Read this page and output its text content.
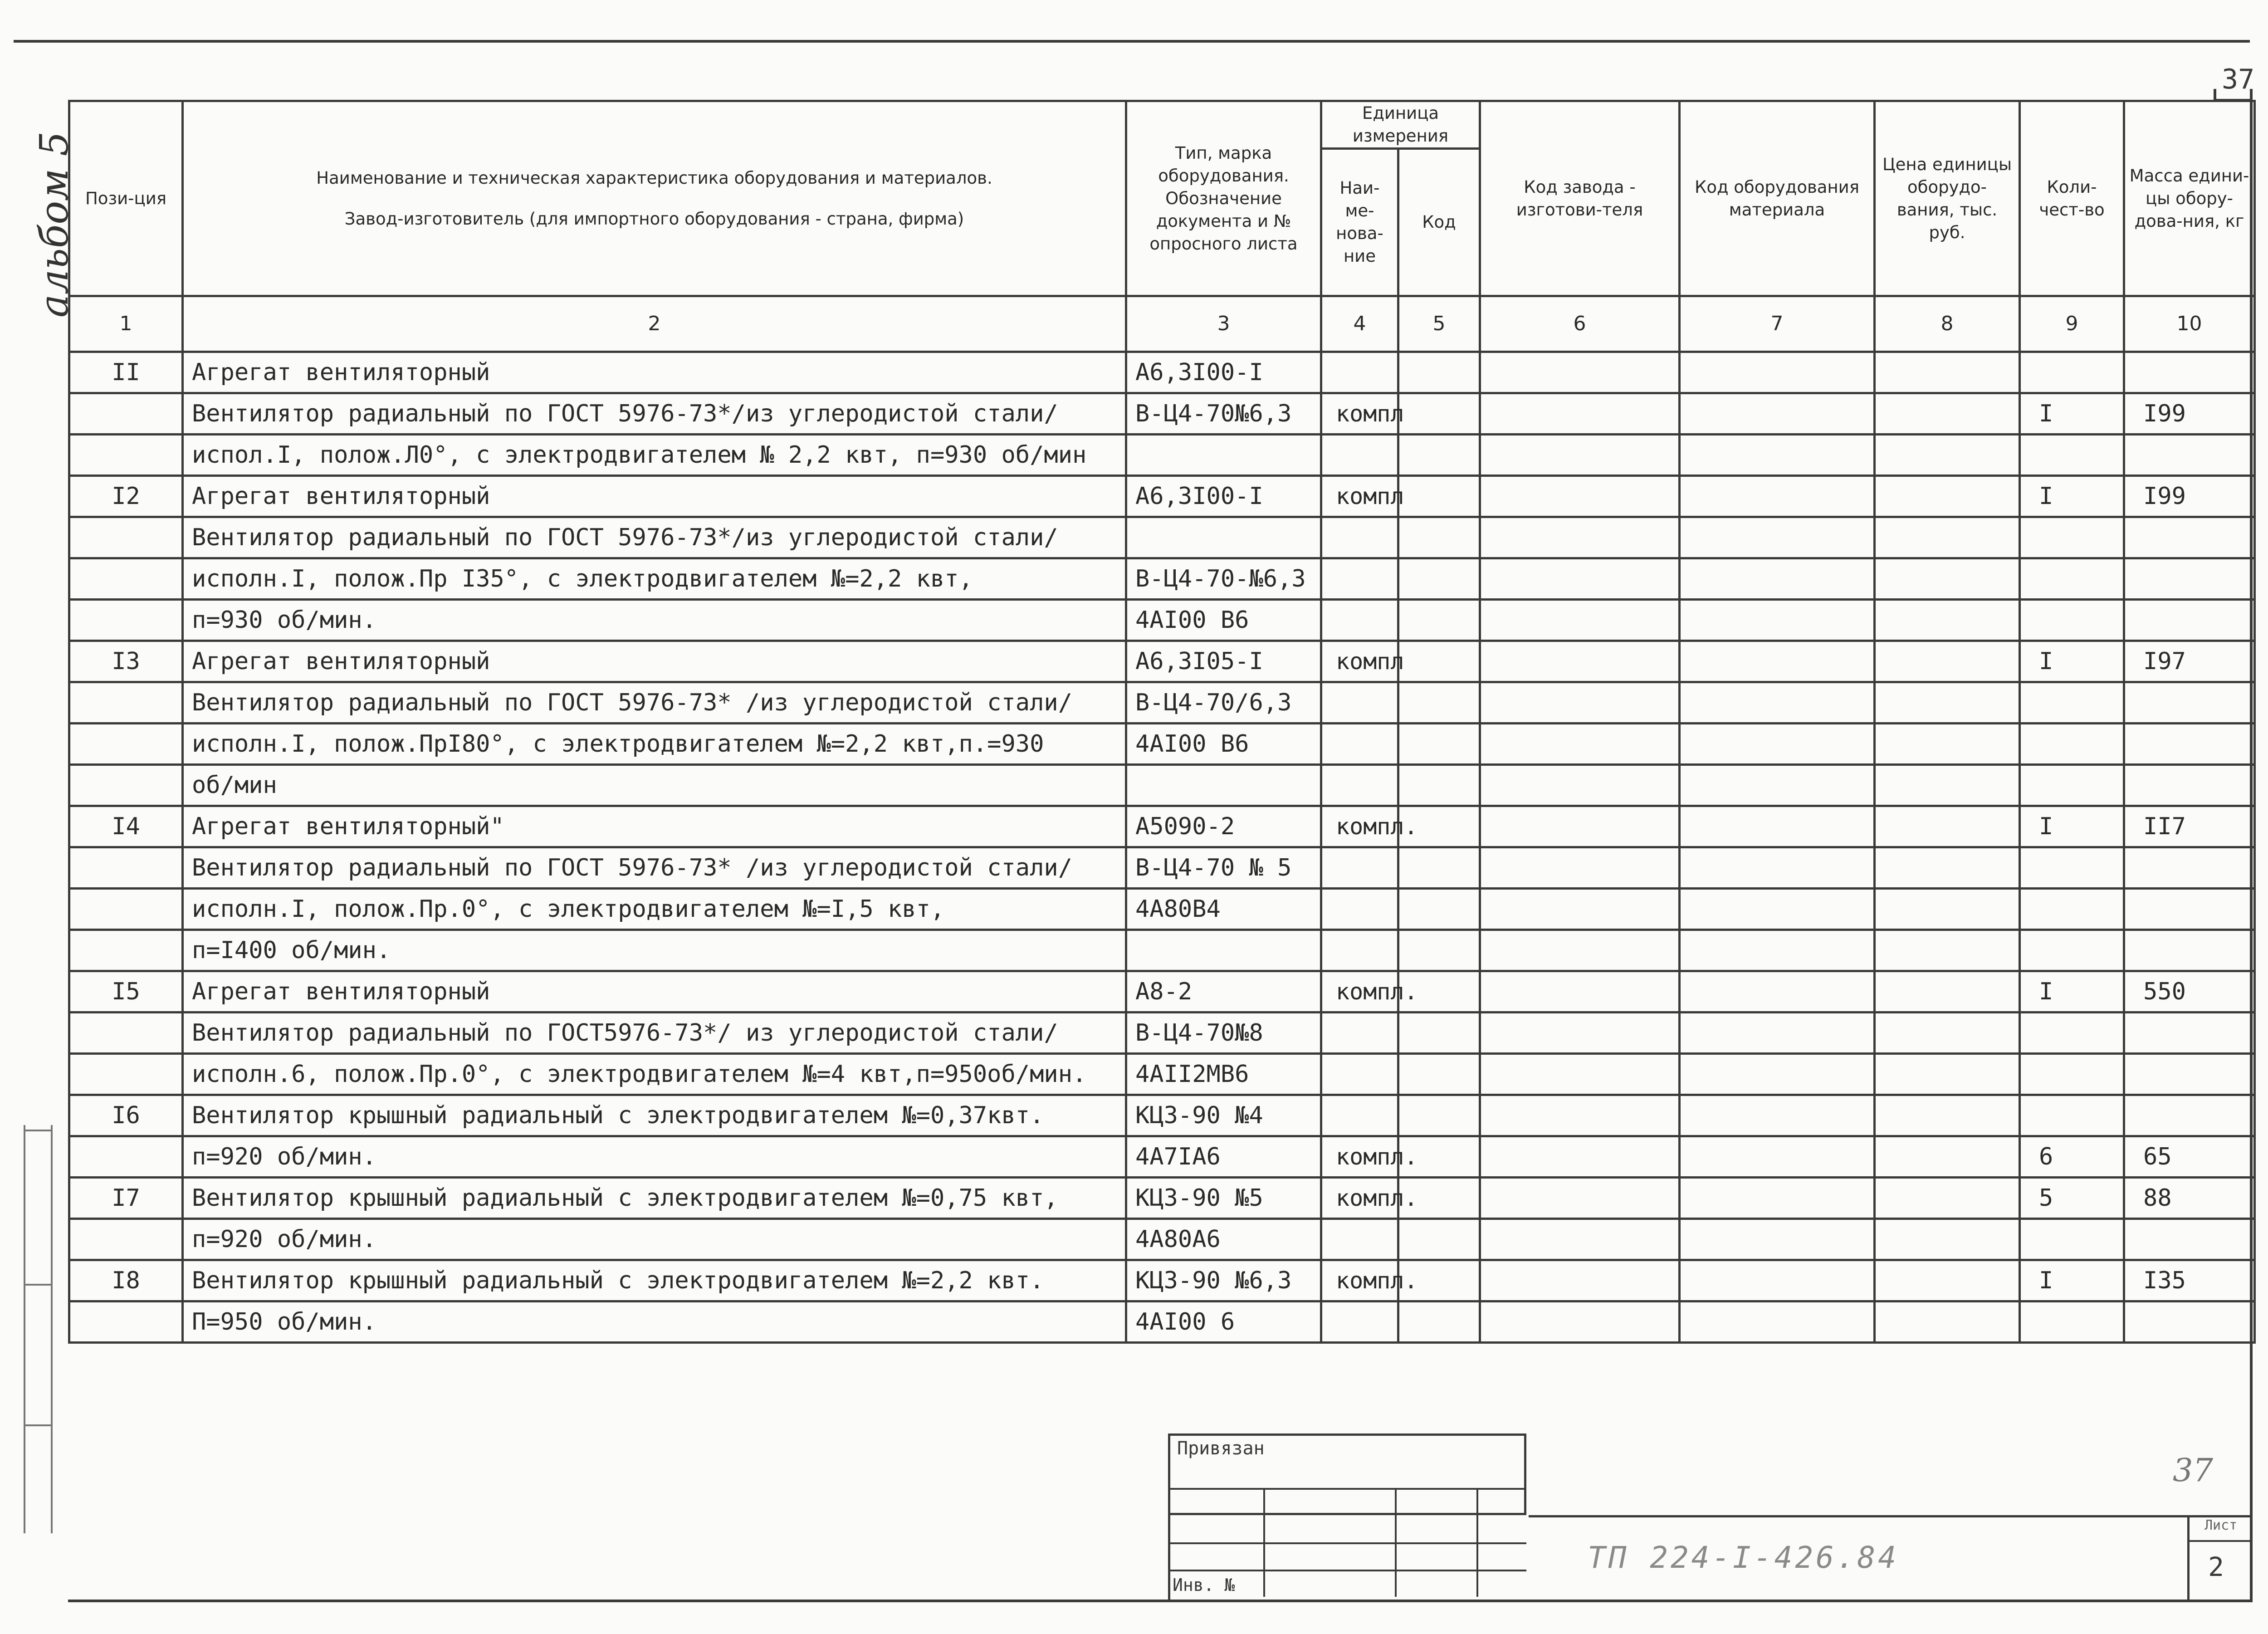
37
альбом 5 Пози-ция	Наименование и техническая характеристика оборудования и материалов.
Завод-изготовитель (для импортного оборудования - страна, фирма)	Тип, марка оборудования. Обозначение документа и № опросного листа	Единица измерения		Код завода - изготови-теля	Код оборудования материала	Цена единицы оборудо-вания, тыс. руб.	Коли-чест-во	Масса едини-цы обору-дова-ния, кг
			Наи-ме-нова-ние	Код					
1	2	3	4	5	6	7	8	9	10
II	Агрегат вентиляторный	А6,3I00-I							
	Вентилятор радиальный по ГОСТ 5976-73*/из углеродистой стали/	В-Ц4-70№6,3	компл					I	I99
	испол.I, полож.Л0°, с электродвигателем № 2,2 квт, п=930 об/мин								
I2	Агрегат вентиляторный	А6,3I00-I	компл					I	I99
	Вентилятор радиальный по ГОСТ 5976-73*/из углеродистой стали/								
	исполн.I, полож.Пр I35°, с электродвигателем №=2,2 квт,	В-Ц4-70-№6,3							
	п=930 об/мин.	4АI00 В6							
I3	Агрегат вентиляторный	А6,3I05-I	компл					I	I97
	Вентилятор радиальный по ГОСТ 5976-73* /из углеродистой стали/	В-Ц4-70/6,3							
	исполн.I, полож.ПрI80°, с электродвигателем №=2,2 квт,п.=930	4АI00 В6							
	об/мин								
I4	Агрегат вентиляторный"	А5090-2	компл.					I	II7
	Вентилятор радиальный по ГОСТ 5976-73* /из углеродистой стали/	В-Ц4-70 № 5							
	исполн.I, полож.Пр.0°, с электродвигателем №=I,5 квт,	4А80В4							
	п=I400 об/мин.								
I5	Агрегат вентиляторный	А8-2	компл.					I	550
	Вентилятор радиальный по ГОСТ5976-73*/ из углеродистой стали/	В-Ц4-70№8							
	исполн.6, полож.Пр.0°, с электродвигателем №=4 квт,п=950об/мин.	4АII2МВ6							
I6	Вентилятор крышный радиальный с электродвигателем №=0,37квт.	КЦ3-90 №4							
	п=920 об/мин.	4А7IА6	компл.					6	65
I7	Вентилятор крышный радиальный с электродвигателем №=0,75 квт,	КЦ3-90 №5	компл.					5	88
	п=920 об/мин.	4А80А6							
I8	Вентилятор крышный радиальный с электродвигателем №=2,2 квт.	КЦ3-90 №6,3	компл.					I	I35
	П=950 об/мин.	4АI00 6							
Привязан
Инв. №
ТП 224-I-426.84
Лист
2
37
